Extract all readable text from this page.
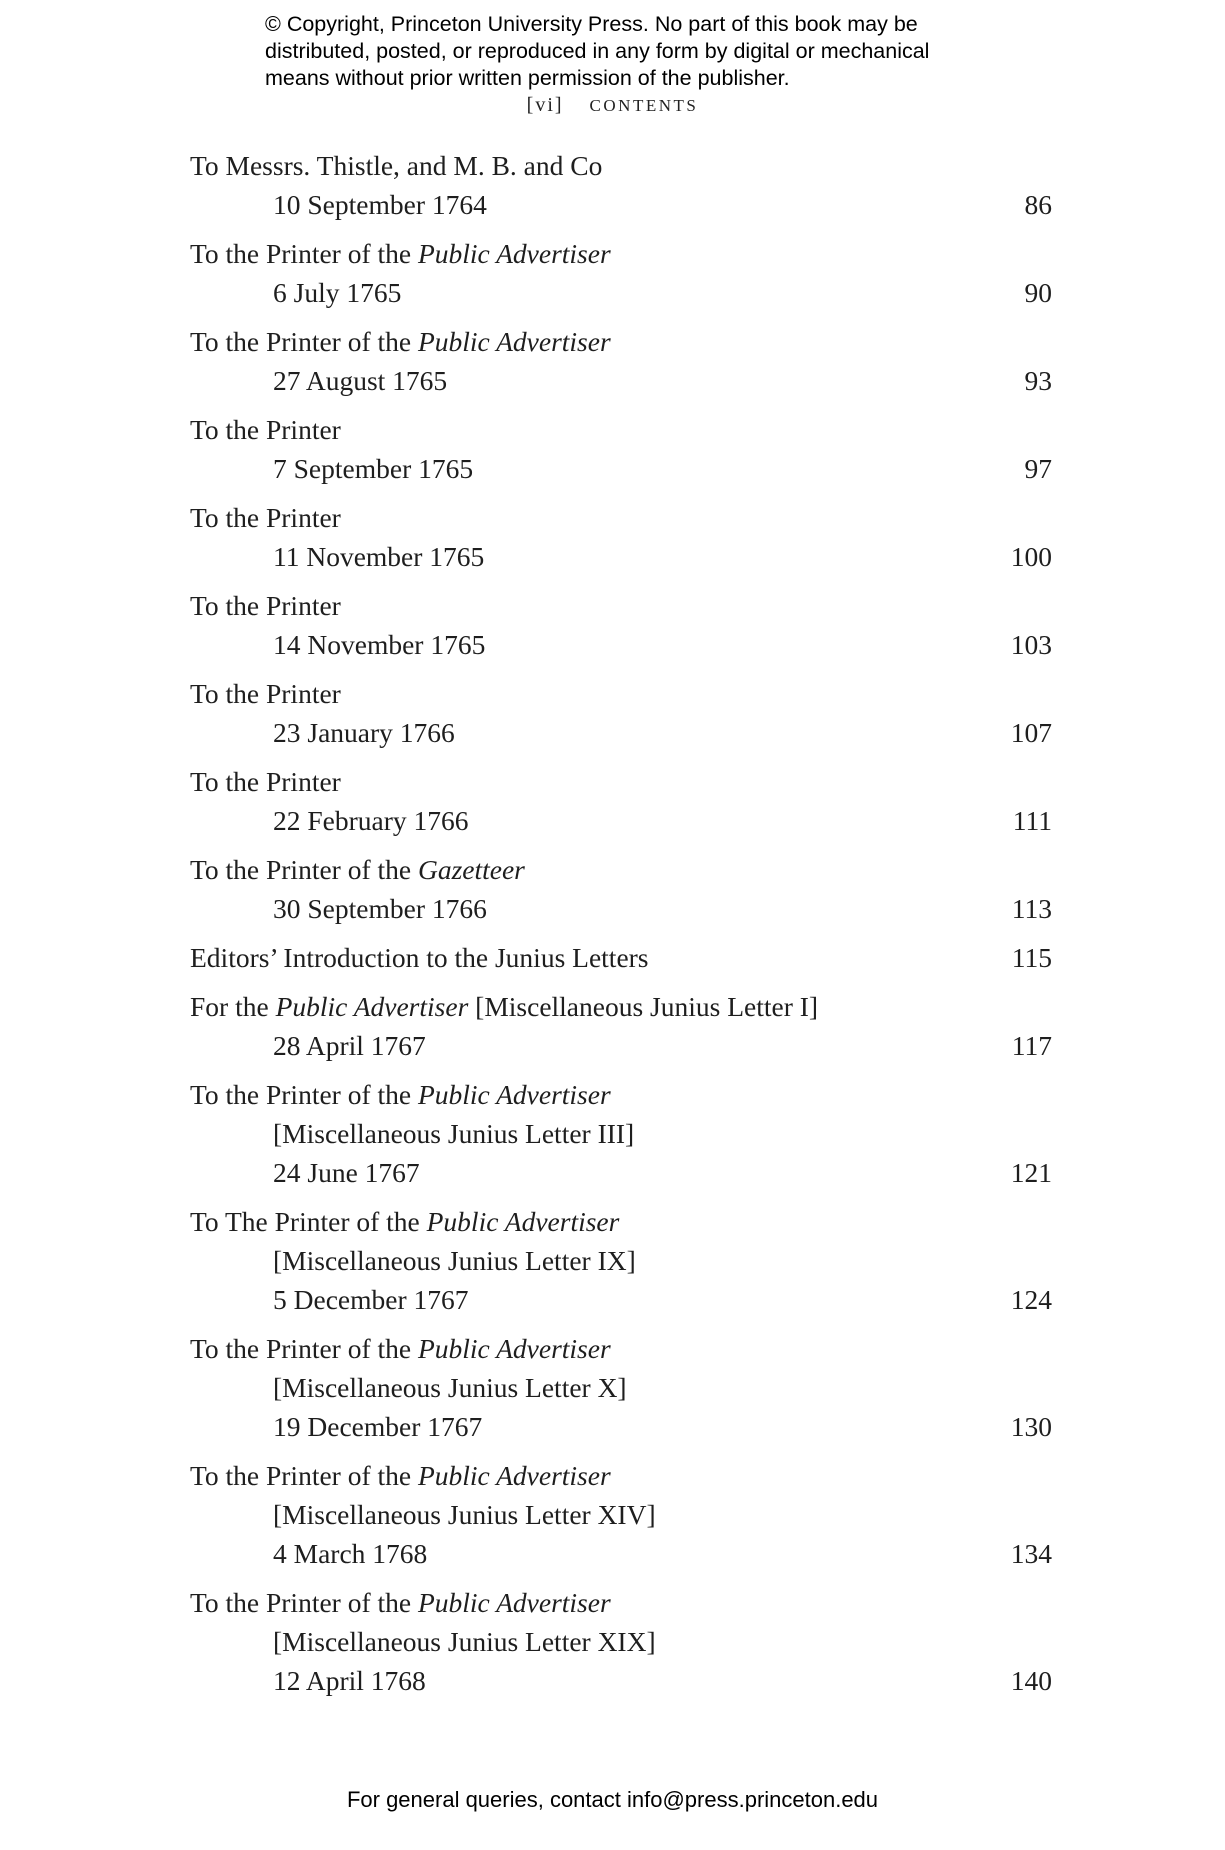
© Copyright, Princeton University Press. No part of this book may be
distributed, posted, or reproduced in any form by digital or mechanical
means without prior written permission of the publisher.
[vi] CONTENTS
To Messrs. Thistle, and M. B. and Co
10 September 1764	86
To the Printer of the Public Advertiser
6 July 1765	90
To the Printer of the Public Advertiser
27 August 1765	93
To the Printer
7 September 1765	97
To the Printer
11 November 1765	100
To the Printer
14 November 1765	103
To the Printer
23 January 1766	107
To the Printer
22 February 1766	111
To the Printer of the Gazetteer
30 September 1766	113
Editors’ Introduction to the Junius Letters	115
For the Public Advertiser [Miscellaneous Junius Letter I]
28 April 1767	117
To the Printer of the Public Advertiser
[Miscellaneous Junius Letter III]
24 June 1767	121
To The Printer of the Public Advertiser
[Miscellaneous Junius Letter IX]
5 December 1767	124
To the Printer of the Public Advertiser
[Miscellaneous Junius Letter X]
19 December 1767	130
To the Printer of the Public Advertiser
[Miscellaneous Junius Letter XIV]
4 March 1768	134
To the Printer of the Public Advertiser
[Miscellaneous Junius Letter XIX]
12 April 1768	140
For general queries, contact info@press.princeton.edu
